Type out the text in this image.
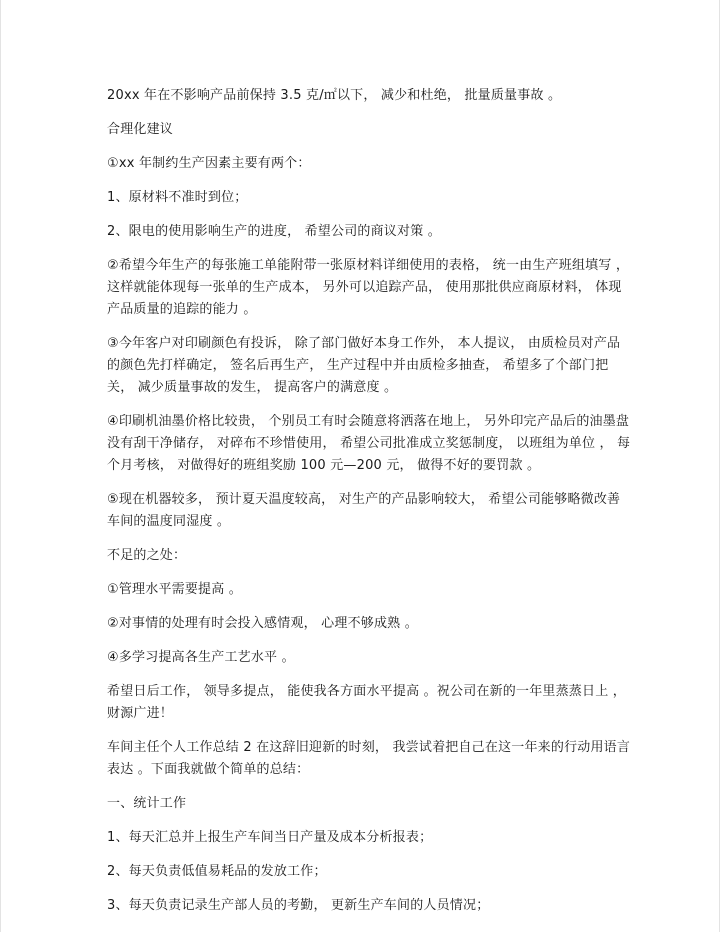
20xx 年在不影响产品前保持 3.5 克/㎡以下， 减少和杜绝， 批量质量事故 。

合理化建议

①xx 年制约生产因素主要有两个：

1、原材料不准时到位；

2、限电的使用影响生产的进度， 希望公司的商议对策 。

②希望今年生产的每张施工单能附带一张原材料详细使用的表格， 统一由生产班组填写 ，这样就能体现每一张单的生产成本， 另外可以追踪产品， 使用那批供应商原材料， 体现产品质量的追踪的能力 。

③今年客户对印刷颜色有投诉， 除了部门做好本身工作外， 本人提议， 由质检员对产品的颜色先打样确定， 签名后再生产， 生产过程中并由质检多抽查， 希望多了个部门把关， 减少质量事故的发生， 提高客户的满意度 。

④印刷机油墨价格比较贵， 个别员工有时会随意将洒落在地上， 另外印完产品后的油墨盘没有刮干净储存， 对碎布不珍惜使用， 希望公司批准成立奖惩制度， 以班组为单位 ， 每个月考核， 对做得好的班组奖励 100 元—200 元， 做得不好的要罚款 。

⑤现在机器较多， 预计夏天温度较高， 对生产的产品影响较大， 希望公司能够略微改善车间的温度同湿度 。

不足的之处：

①管理水平需要提高 。

②对事情的处理有时会投入感情观， 心理不够成熟 。

④多学习提高各生产工艺水平 。

希望日后工作， 领导多提点， 能使我各方面水平提高 。祝公司在新的一年里蒸蒸日上 ， 财源广进！

车间主任个人工作总结 2 在这辞旧迎新的时刻， 我尝试着把自己在这一年来的行动用语言表达 。下面我就做个简单的总结：

一、统计工作

1、每天汇总并上报生产车间当日产量及成本分析报表；

2、每天负责低值易耗品的发放工作；

3、每天负责记录生产部人员的考勤， 更新生产车间的人员情况；
